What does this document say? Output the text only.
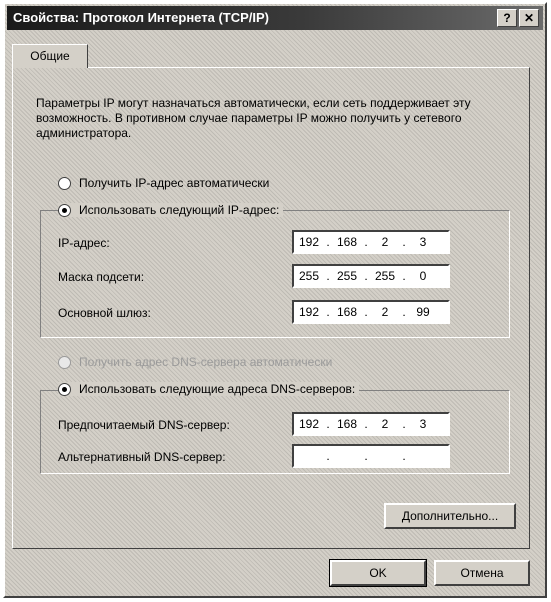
Свойства: Протокол Интернета (TCP/IP)	?	✕
Общие
Параметры IP могут назначаться автоматически, если сеть поддерживает эту возможность. В противном случае параметры IP можно получить у сетевого администратора.
Получить IP-адрес автоматически
Использовать следующий IP-адрес:
IP-адрес:	192 . 168 .	2	.	3
Маска подсети:	255 . 255 . 255 .	0
Основной шлюз:	192 . 168 .	2	. 99
Получить адрес DNS-сервера автоматически
Использовать следующие адреса DNS-серверов:
Предпочитаемый DNS-сервер:	192 . 168 .	2	.	3
Альтернативный DNS-сервер:	.	.	.
Дополнительно...
OK	Отмена
